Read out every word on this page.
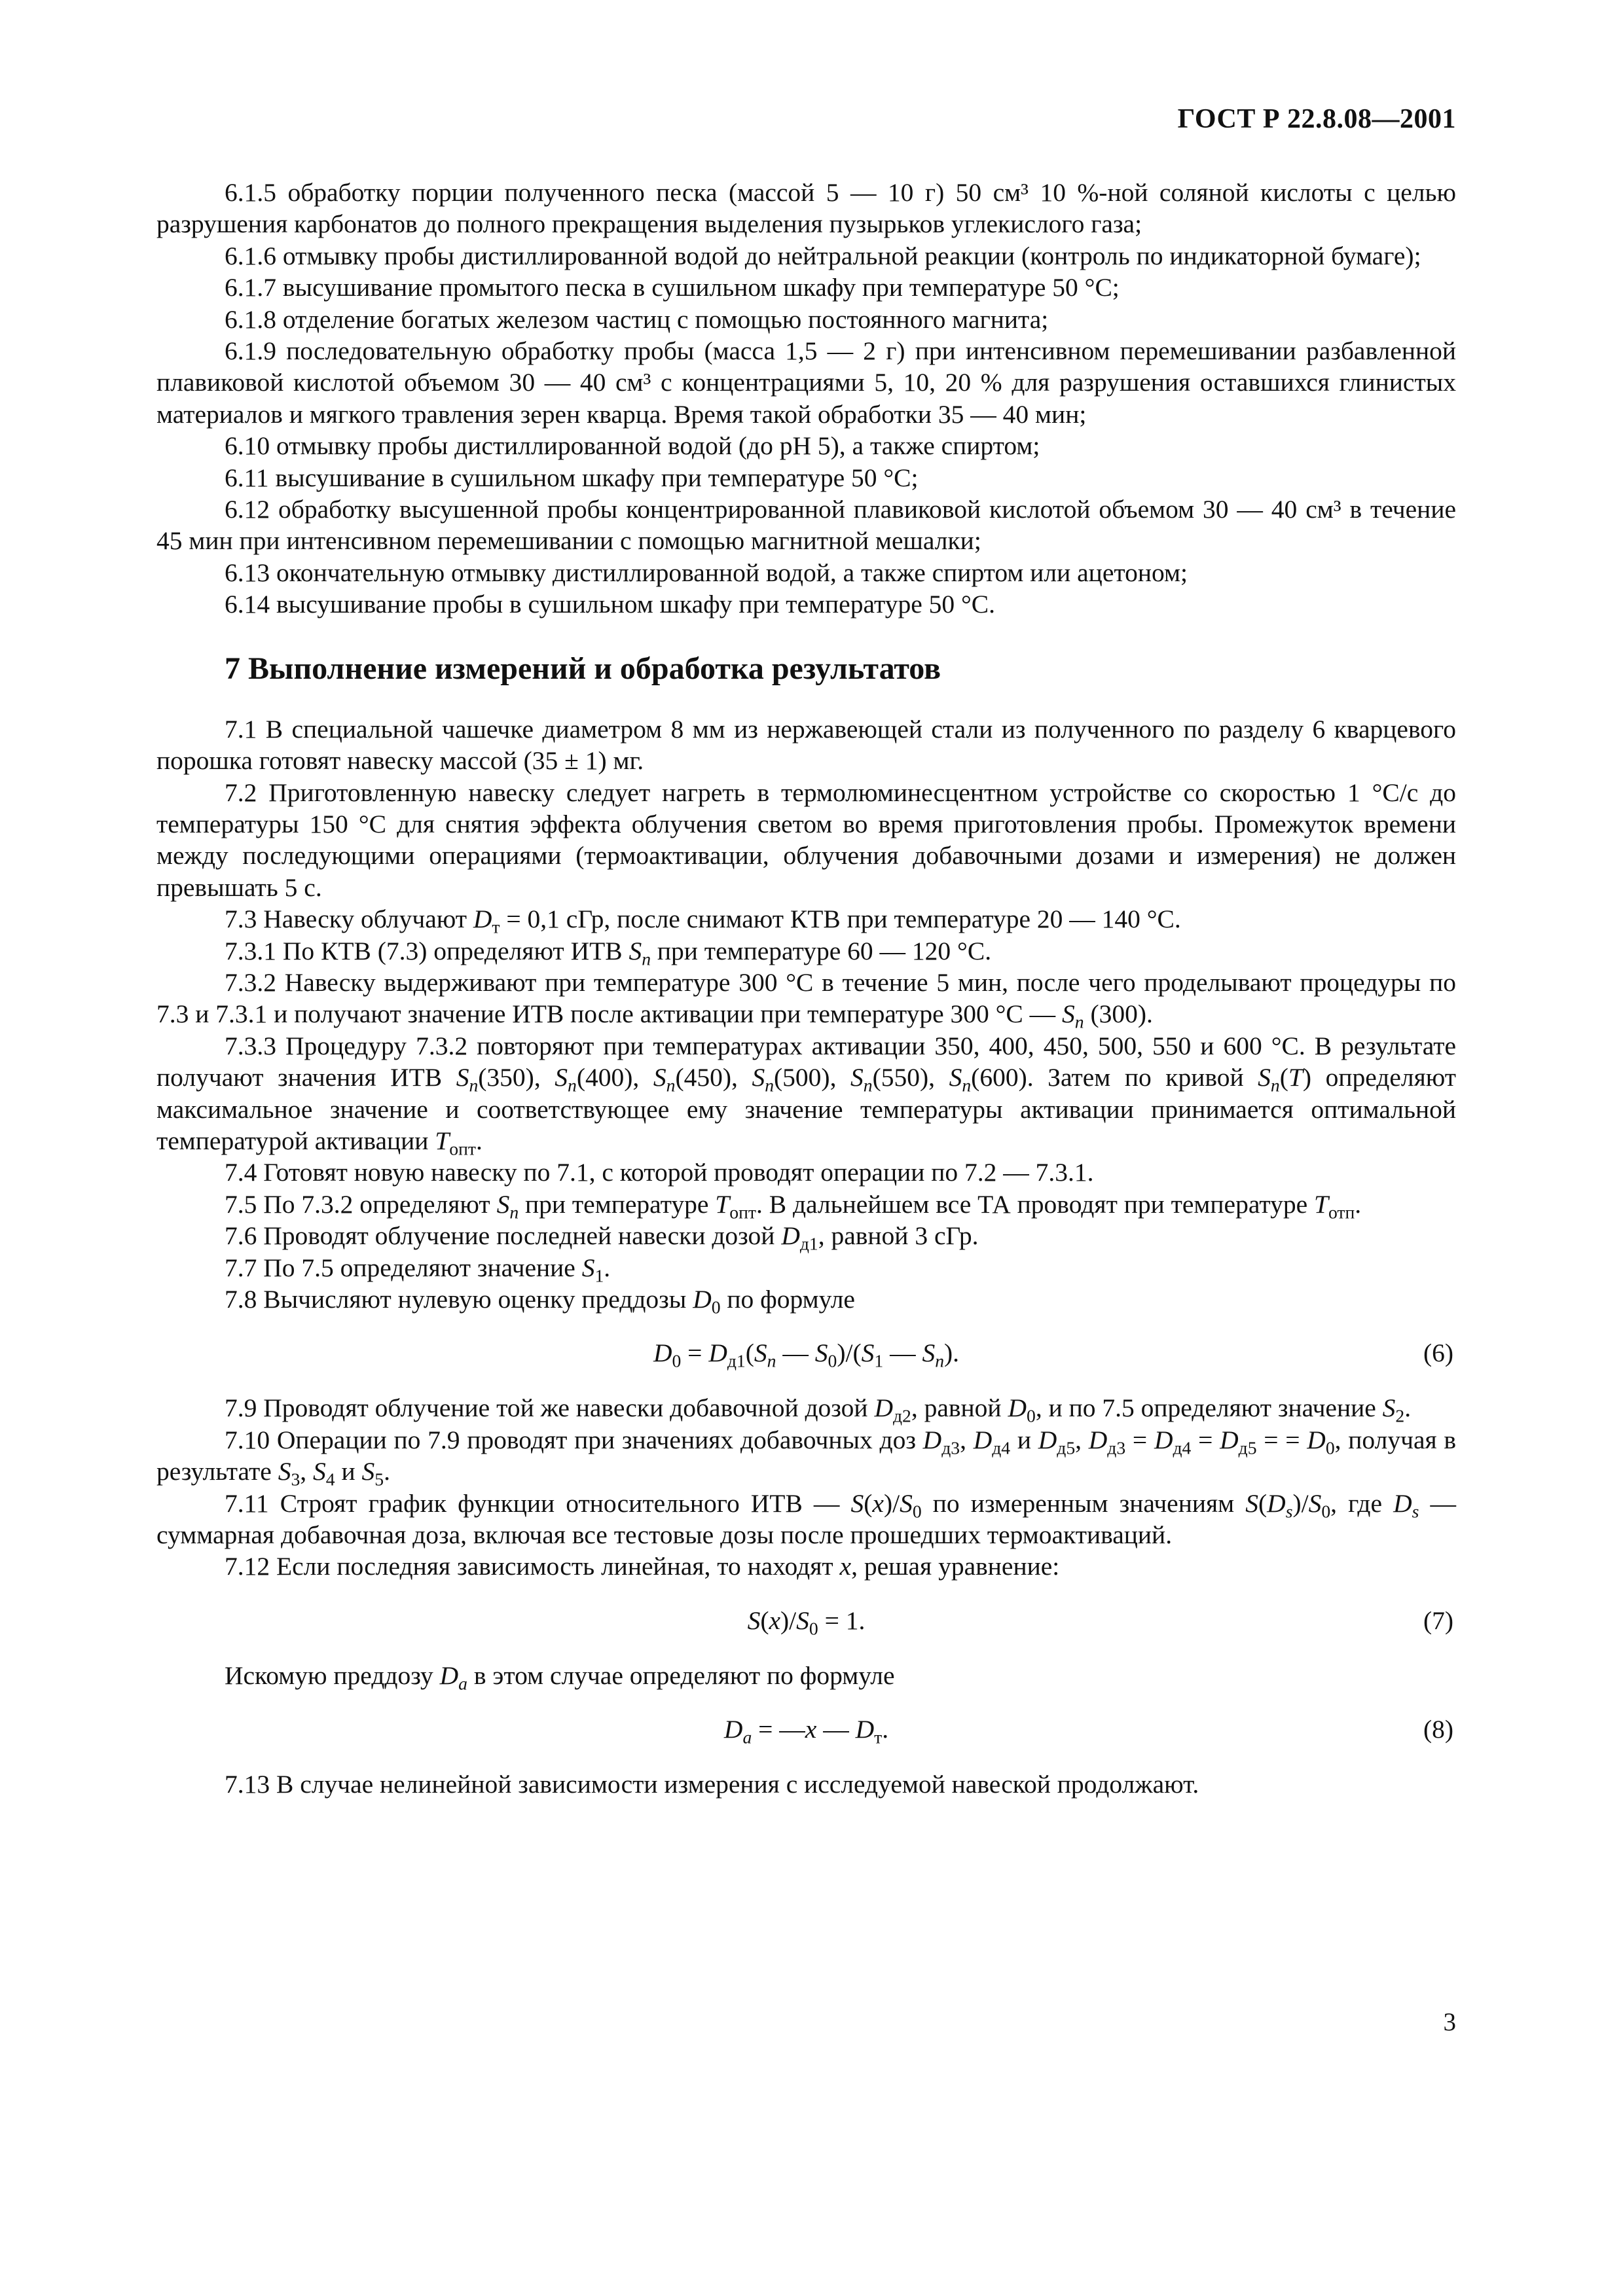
ГОСТ Р 22.8.08—2001

6.1.5 обработку порции полученного песка (массой 5 — 10 г) 50 см³ 10 %-ной соляной кислоты с целью разрушения карбонатов до полного прекращения выделения пузырьков углекислого газа;

6.1.6 отмывку пробы дистиллированной водой до нейтральной реакции (контроль по индикаторной бумаге);

6.1.7 высушивание промытого песка в сушильном шкафу при температуре 50 °С;

6.1.8 отделение богатых железом частиц с помощью постоянного магнита;

6.1.9 последовательную обработку пробы (масса 1,5 — 2 г) при интенсивном перемешивании разбавленной плавиковой кислотой объемом 30 — 40 см³ с концентрациями 5, 10, 20 % для разрушения оставшихся глинистых материалов и мягкого травления зерен кварца. Время такой обработки 35 — 40 мин;

6.10 отмывку пробы дистиллированной водой (до pH 5), а также спиртом;

6.11 высушивание в сушильном шкафу при температуре 50 °С;

6.12 обработку высушенной пробы концентрированной плавиковой кислотой объемом 30 — 40 см³ в течение 45 мин при интенсивном перемешивании с помощью магнитной мешалки;

6.13 окончательную отмывку дистиллированной водой, а также спиртом или ацетоном;

6.14 высушивание пробы в сушильном шкафу при температуре 50 °С.

7 Выполнение измерений и обработка результатов

7.1 В специальной чашечке диаметром 8 мм из нержавеющей стали из полученного по разделу 6 кварцевого порошка готовят навеску массой (35 ± 1) мг.

7.2 Приготовленную навеску следует нагреть в термолюминесцентном устройстве со скоростью 1 °С/с до температуры 150 °С для снятия эффекта облучения светом во время приготовления пробы. Промежуток времени между последующими операциями (термоактивации, облучения добавочными дозами и измерения) не должен превышать 5 с.

7.3 Навеску облучают $D_т = 0,1$ сГр, после снимают КТВ при температуре 20 — 140 °С.

7.3.1 По КТВ (7.3) определяют ИТВ $S_n$ при температуре 60 — 120 °С.

7.3.2 Навеску выдерживают при температуре 300 °С в течение 5 мин, после чего проделывают процедуры по 7.3 и 7.3.1 и получают значение ИТВ после активации при температуре 300 °С — $S_n$ (300).

7.3.3 Процедуру 7.3.2 повторяют при температурах активации 350, 400, 450, 500, 550 и 600 °С. В результате получают значения ИТВ $S_n(350)$, $S_n(400)$, $S_n(450)$, $S_n(500)$, $S_n(550)$, $S_n(600)$. Затем по кривой $S_n(T)$ определяют максимальное значение и соответствующее ему значение температуры активации принимается оптимальной температурой активации $T_{опт}$.

7.4 Готовят новую навеску по 7.1, с которой проводят операции по 7.2 — 7.3.1.

7.5 По 7.3.2 определяют $S_n$ при температуре $T_{опт}$. В дальнейшем все ТА проводят при температуре $T_{отп}$.

7.6 Проводят облучение последней навески дозой $D_{д1}$, равной 3 сГр.

7.7 По 7.5 определяют значение $S_1$.

7.8 Вычисляют нулевую оценку преддозы $D_0$ по формуле

$D_0 = D_{д1}(S_n$ — $S_0)/(S_1$ — $S_n$).	(6)

7.9 Проводят облучение той же навески добавочной дозой $D_{д2}$, равной $D_0$, и по 7.5 определяют значение $S_2$.

7.10 Операции по 7.9 проводят при значениях добавочных доз $D_{д3}$, $D_{д4}$ и $D_{д5}$, $D_{д3} = D_{д4} = D_{д5}$ = = $D_0$, получая в результате $S_3$, $S_4$ и $S_5$.

7.11 Строят график функции относительного ИТВ — $S(x)/S_0$ по измеренным значениям $S(D_s)/S_0$, где $D_s$ — суммарная добавочная доза, включая все тестовые дозы после прошедших термоактиваций.

7.12 Если последняя зависимость линейная, то находят x, решая уравнение:

$S(x)/S_0 = 1$.	(7)

Искомую преддозу $D_a$ в этом случае определяют по формуле

$D_a$ = —x — $D_т$.	(8)

7.13 В случае нелинейной зависимости измерения с исследуемой навеской продолжают.

3
